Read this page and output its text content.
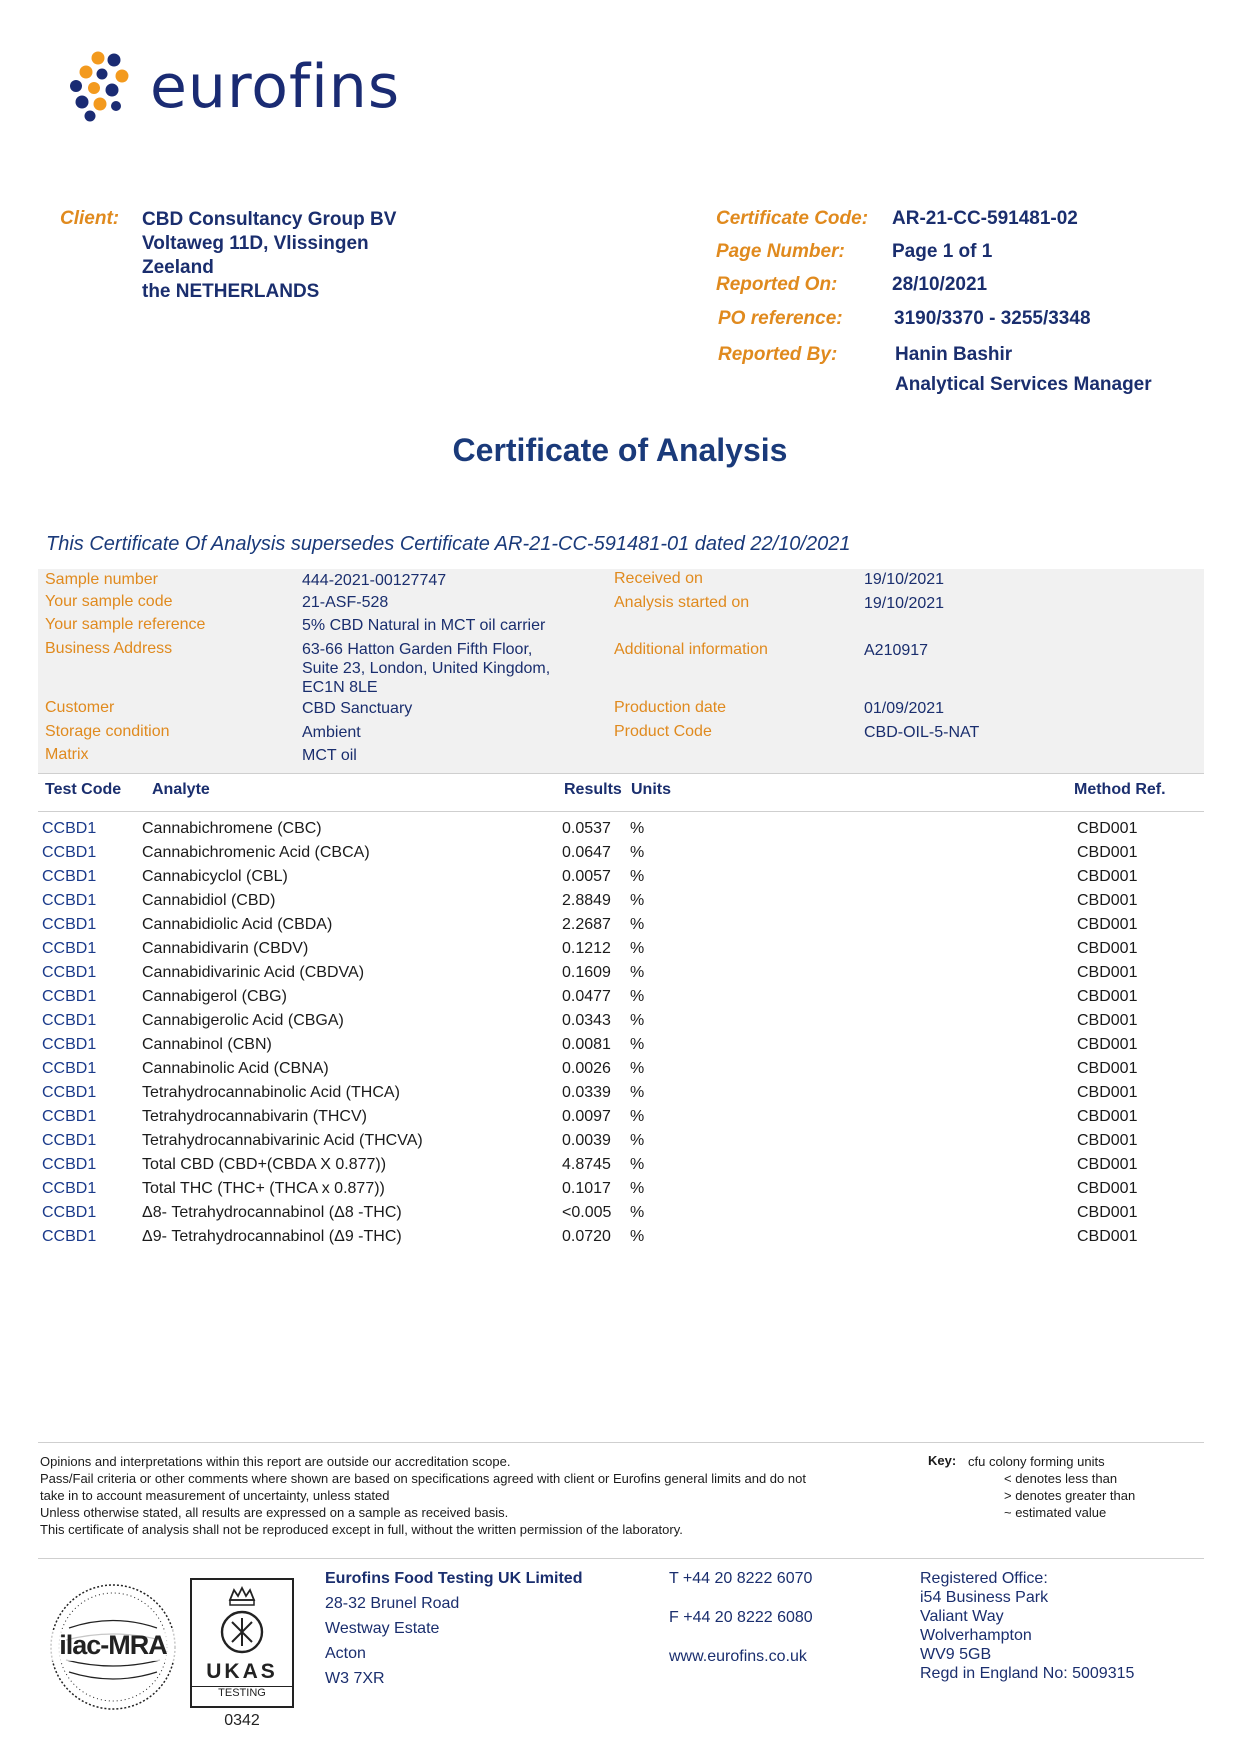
eurofins
Client: CBD Consultancy Group BV
Voltaweg 11D, Vlissingen
Zeeland
the NETHERLANDS
Certificate Code: AR-21-CC-591481-02
Page Number: Page 1 of 1
Reported On:	28/10/2021
PO reference:	3190/3370 - 3255/3348
Reported By:	Hanin Bashir
Analytical Services Manager
Certificate of Analysis
This Certificate Of Analysis supersedes Certificate AR-21-CC-591481-01 dated 22/10/2021
Sample number	444-2021-00127747
Your sample code	21-ASF-528
Your sample reference	5% CBD Natural in MCT oil carrier
Business Address	63-66 Hatton Garden Fifth Floor,
Suite 23, London, United Kingdom,
EC1N 8LE
Customer	CBD Sanctuary
Storage condition	Ambient
Matrix	MCT oil
Received on	19/10/2021
Analysis started on	19/10/2021
Additional information	A210917
Production date	01/09/2021
Product Code	CBD-OIL-5-NAT
Test Code Analyte	Results Units	Method Ref.
CCBD1	Cannabichromene (CBC)	0.0537 %	CBD001
CCBD1	Cannabichromenic Acid (CBCA)	0.0647 %	CBD001
CCBD1	Cannabicyclol (CBL)	0.0057 %	CBD001
CCBD1	Cannabidiol (CBD)	2.8849 %	CBD001
CCBD1	Cannabidiolic Acid (CBDA)	2.2687 %	CBD001
CCBD1	Cannabidivarin (CBDV)	0.1212 %	CBD001
CCBD1	Cannabidivarinic Acid (CBDVA)	0.1609 %	CBD001
CCBD1	Cannabigerol (CBG)	0.0477 %	CBD001
CCBD1	Cannabigerolic Acid (CBGA)	0.0343 %	CBD001
CCBD1	Cannabinol (CBN)	0.0081 %	CBD001
CCBD1	Cannabinolic Acid (CBNA)	0.0026 %	CBD001
CCBD1	Tetrahydrocannabinolic Acid (THCA)	0.0339 %	CBD001
CCBD1	Tetrahydrocannabivarin (THCV)	0.0097 %	CBD001
CCBD1	Tetrahydrocannabivarinic Acid (THCVA)	0.0039 %	CBD001
CCBD1	Total CBD (CBD+(CBDA X 0.877))	4.8745 %	CBD001
CCBD1	Total THC (THC+ (THCA x 0.877))	0.1017 %	CBD001
CCBD1	Δ8- Tetrahydrocannabinol (Δ8 -THC)	<0.005 %	CBD001
CCBD1	Δ9- Tetrahydrocannabinol (Δ9 -THC)	0.0720 %	CBD001
Opinions and interpretations within this report are outside our accreditation scope.
Pass/Fail criteria or other comments where shown are based on specifications agreed with client or Eurofins general limits and do not
take in to account measurement of uncertainty, unless stated
Unless otherwise stated, all results are expressed on a sample as received basis.
This certificate of analysis shall not be reproduced except in full, without the written permission of the laboratory.
Key: cfu colony forming units
< denotes less than
> denotes greater than
~ estimated value
ilac-MRA
UKAS
TESTING
0342
Eurofins Food Testing UK Limited
28-32 Brunel Road
Westway Estate
Acton
W3 7XR
T +44 20 8222 6070
F +44 20 8222 6080
www.eurofins.co.uk
Registered Office:
i54 Business Park
Valiant Way
Wolverhampton
WV9 5GB
Regd in England No: 5009315
